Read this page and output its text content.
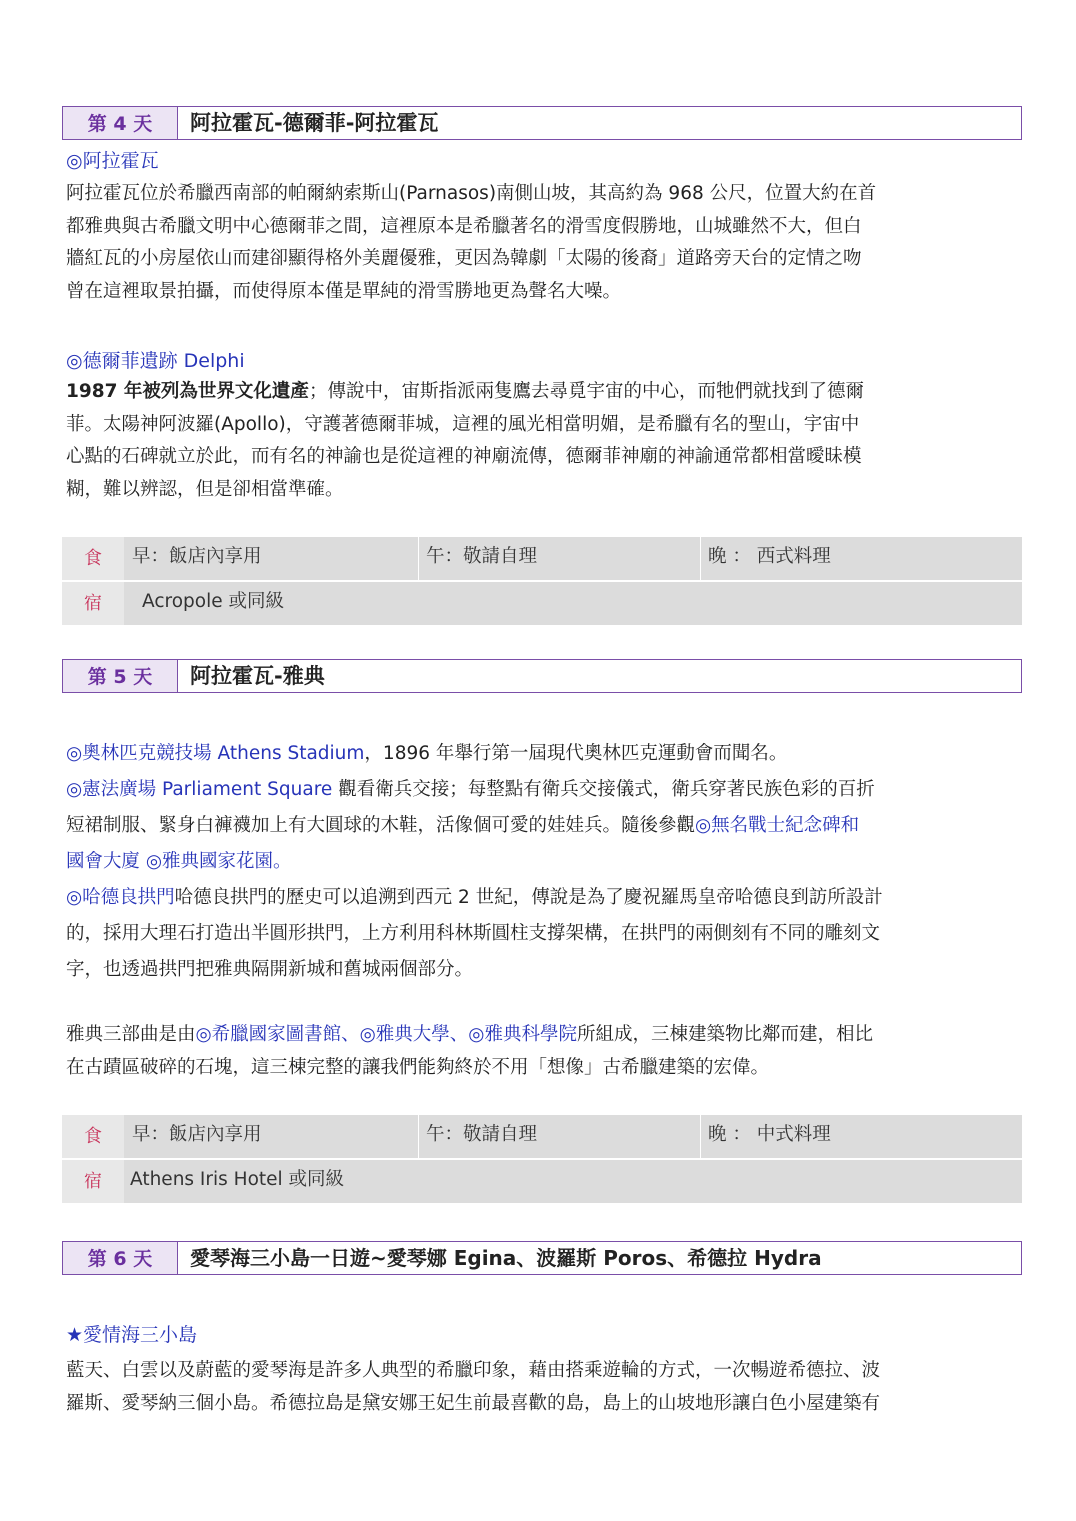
第 4 天	阿拉霍瓦-德爾菲-阿拉霍瓦

◎阿拉霍瓦

阿拉霍瓦位於希臘西南部的帕爾納索斯山(Parnasos)南側山坡，其高約為 968 公尺，位置大約在首
都雅典與古希臘文明中心德爾菲之間，這裡原本是希臘著名的滑雪度假勝地，山城雖然不大，但白
牆紅瓦的小房屋依山而建卻顯得格外美麗優雅，更因為韓劇「太陽的後裔」道路旁天台的定情之吻
曾在這裡取景拍攝，而使得原本僅是單純的滑雪勝地更為聲名大噪。

◎德爾菲遺跡 Delphi

1987 年被列為世界文化遺產；傳說中，宙斯指派兩隻鷹去尋覓宇宙的中心，而牠們就找到了德爾
菲。太陽神阿波羅(Apollo)，守護著德爾菲城，這裡的風光相當明媚，是希臘有名的聖山，宇宙中
心點的石碑就立於此，而有名的神諭也是從這裡的神廟流傳，德爾菲神廟的神諭通常都相當曖昧模
糊，難以辨認，但是卻相當準確。

食	早：飯店內享用	午：敬請自理	晚 ： 西式料理
宿	Acropole 或同級
第 5 天	阿拉霍瓦-雅典

◎奧林匹克競技場 Athens Stadium，1896 年舉行第一屆現代奧林匹克運動會而聞名。
◎憲法廣場 Parliament Square 觀看衛兵交接；每整點有衛兵交接儀式，衛兵穿著民族色彩的百折
短裙制服、緊身白褲襪加上有大圓球的木鞋，活像個可愛的娃娃兵。隨後參觀◎無名戰士紀念碑和
國會大廈 ◎雅典國家花園。
◎哈德良拱門哈德良拱門的歷史可以追溯到西元 2 世紀，傳說是為了慶祝羅馬皇帝哈德良到訪所設計
的，採用大理石打造出半圓形拱門，上方利用科林斯圓柱支撐架構，在拱門的兩側刻有不同的雕刻文
字，也透過拱門把雅典隔開新城和舊城兩個部分。

雅典三部曲是由◎希臘國家圖書館、◎雅典大學、◎雅典科學院所組成，三棟建築物比鄰而建，相比
在古蹟區破碎的石塊，這三棟完整的讓我們能夠終於不用「想像」古希臘建築的宏偉。

食	早：飯店內享用	午：敬請自理	晚 ： 中式料理
宿	Athens Iris Hotel 或同級
第 6 天	愛琴海三小島一日遊~愛琴娜 Egina、波羅斯 Poros、希德拉 Hydra

★愛情海三小島

藍天、白雲以及蔚藍的愛琴海是許多人典型的希臘印象，藉由搭乘遊輪的方式，一次暢遊希德拉、波
羅斯、愛琴納三個小島。希德拉島是黛安娜王妃生前最喜歡的島，島上的山坡地形讓白色小屋建築有
